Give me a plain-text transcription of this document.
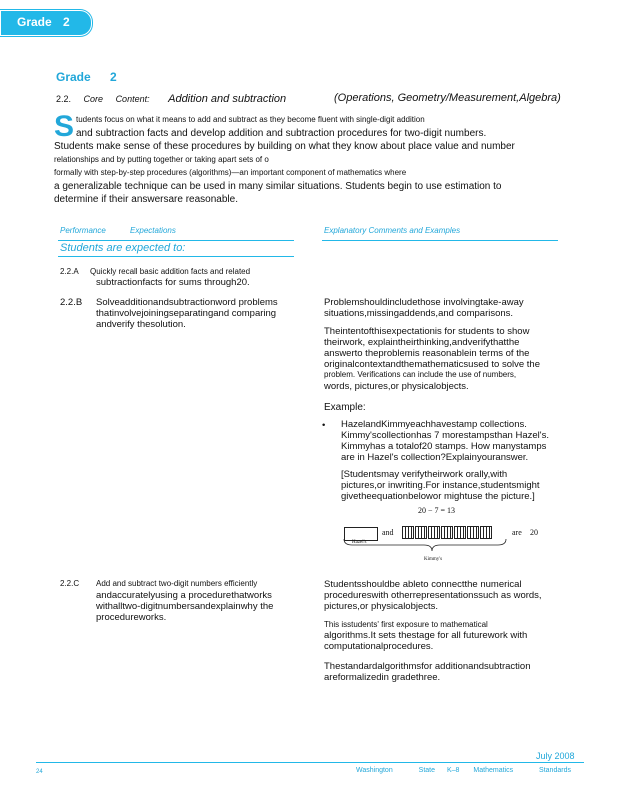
Grade 2
Grade 2
2.2. Core Content: Addition and subtraction	(Operations, Geometry/Measurement,Algebra)
S tudents focus on what it means to add and subtract as they become fluent with single-digit addition
and subtraction facts and develop addition and subtraction procedures for two-digit numbers.
Students make sense of these procedures by building on what they know about place value and number
relationships and by putting together or taking apart sets of o
formally with step-by-step procedures (algorithms)—an important component of mathematics where
a generalizable technique can be used in many similar situations. Students begin to use estimation to
determine if their answersare reasonable.
Performance	Expectations	Explanatory Comments and Examples
Students are expected to:
2.2.A Quickly recall basic addition facts and related
subtractionfacts for sums through20.
2.2.B Solveadditionandsubtractionword problems
thatinvolvejoiningseparatingand comparing
andverify thesolution.
Problemshouldincludethose involvingtake-away
situations,missingaddends,and comparisons.
Theintentofthisexpectationis for students to show
theirwork, explaintheirthinking,andverifythatthe
answerto theproblemis reasonablein terms of the
originalcontextandthemathematicsused to solve the
problem. Verifications can include the use of numbers,
words, pictures,or physicalobjects.
Example:
• HazelandKimmyeachhavestamp collections.
Kimmy'scollectionhas 7 morestampsthan Hazel's.
Kimmyhas a totalof20 stamps. How manystamps
are in Hazel's collection?Explainyouranswer.
[Studentsmay verifytheirwork orally,with
pictures,or inwriting.For instance,studentsmight
givetheequationbelowor mightuse the picture.]
20 − 7 = 13
and	are 20
Hazel's
Kimmy's
2.2.C Add and subtract two-digit numbers efficiently
andaccuratelyusing a procedurethatworks
withalltwo-digitnumbersandexplainwhy the
procedureworks.
Studentsshouldbe ableto connectthe numerical
procedureswith otherrepresentationssuch as words,
pictures,or physicalobjects.
This isstudents' first exposure to mathematical
algorithms.It sets thestage for all futurework with
computationalprocedures.
Thestandardalgorithmsfor additionandsubtraction
areformalizedin gradethree.
July 2008
24	Washington	State K–8 Mathematics	Standards
